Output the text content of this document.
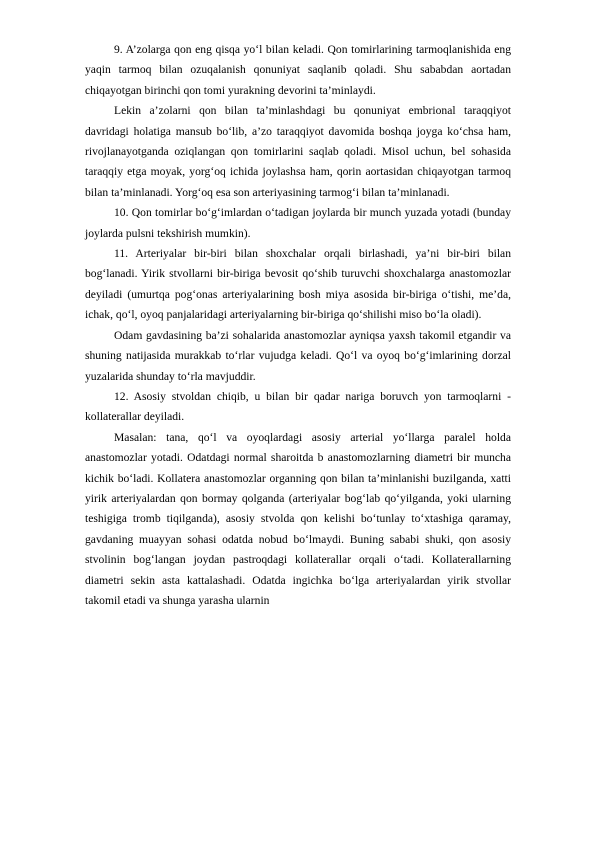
9. A’zolarga qon eng qisqa yo‘l bilan keladi. Qon tomirlarining tarmoqlanishida eng yaqin tarmoq bilan ozuqalanish qonuniyat saqlanib qoladi. Shu sababdan aortadan chiqayotgan birinchi qon tomi yurakning devorini ta’minlaydi.

Lekin a’zolarni qon bilan ta’minlashdagi bu qonuniyat embrional taraqqiyot davridagi holatiga mansub bo‘lib, a’zo taraqqiyot davomida boshqa joyga ko‘chsa ham, rivojlanayotganda oziqlangan qon tomirlarini saqlab qoladi. Misol uchun, bel sohasida taraqqiy etga moyak, yorg‘oq ichida joylashsa ham, qorin aortasidan chiqayotgan tarmoq bilan ta’minlanadi. Yorg‘oq esa son arteriyasining tarmog‘i bilan ta’minlanadi.

10. Qon tomirlar bo‘g‘imlardan o‘tadigan joylarda bir munch yuzada yotadi (bunday joylarda pulsni tekshirish mumkin).

11. Arteriyalar bir-biri bilan shoxchalar orqali birlashadi, ya’ni bir-biri bilan bog‘lanadi. Yirik stvollarni bir-biriga bevosit qo‘shib turuvchi shoxchalarga anastomozlar deyiladi (umurtqa pog‘onas arteriyalarining bosh miya asosida bir-biriga o‘tishi, me’da, ichak, qo‘l, oyoq panjalaridagi arteriyalarning bir-biriga qo‘shilishi miso bo‘la oladi).

Odam gavdasining ba’zi sohalarida anastomozlar ayniqsa yaxsh takomil etgandir va shuning natijasida murakkab to‘rlar vujudga keladi. Qo‘l va oyoq bo‘g‘imlarining dorzal yuzalarida shunday to‘rla mavjuddir.

12. Asosiy stvoldan chiqib, u bilan bir qadar nariga boruvch yon tarmoqlarni - kollaterallar deyiladi.

Masalan: tana, qo‘l va oyoqlardagi asosiy arterial yo‘llarga paralel holda anastomozlar yotadi. Odatdagi normal sharoitda b anastomozlarning diametri bir muncha kichik bo‘ladi. Kollatera anastomozlar organning qon bilan ta’minlanishi buzilganda, xatti yirik arteriyalardan qon bormay qolganda (arteriyalar bog‘lab qo‘yilganda, yoki ularning teshigiga tromb tiqilganda), asosiy stvolda qon kelishi bo‘tunlay to‘xtashiga qaramay, gavdaning muayyan sohasi odatda nobud bo‘lmaydi. Buning sababi shuki, qon asosiy stvolinin bog‘langan joydan pastroqdagi kollaterallar orqali o‘tadi. Kollaterallarning diametri sekin asta kattalashadi. Odatda ingichka bo‘lga arteriyalardan yirik stvollar takomil etadi va shunga yarasha ularnin
